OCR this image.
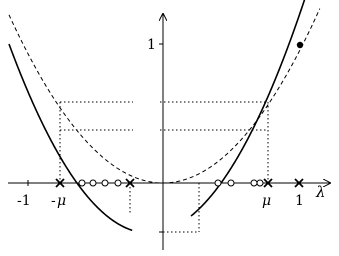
-1 - μ	μ 1 λ
1
